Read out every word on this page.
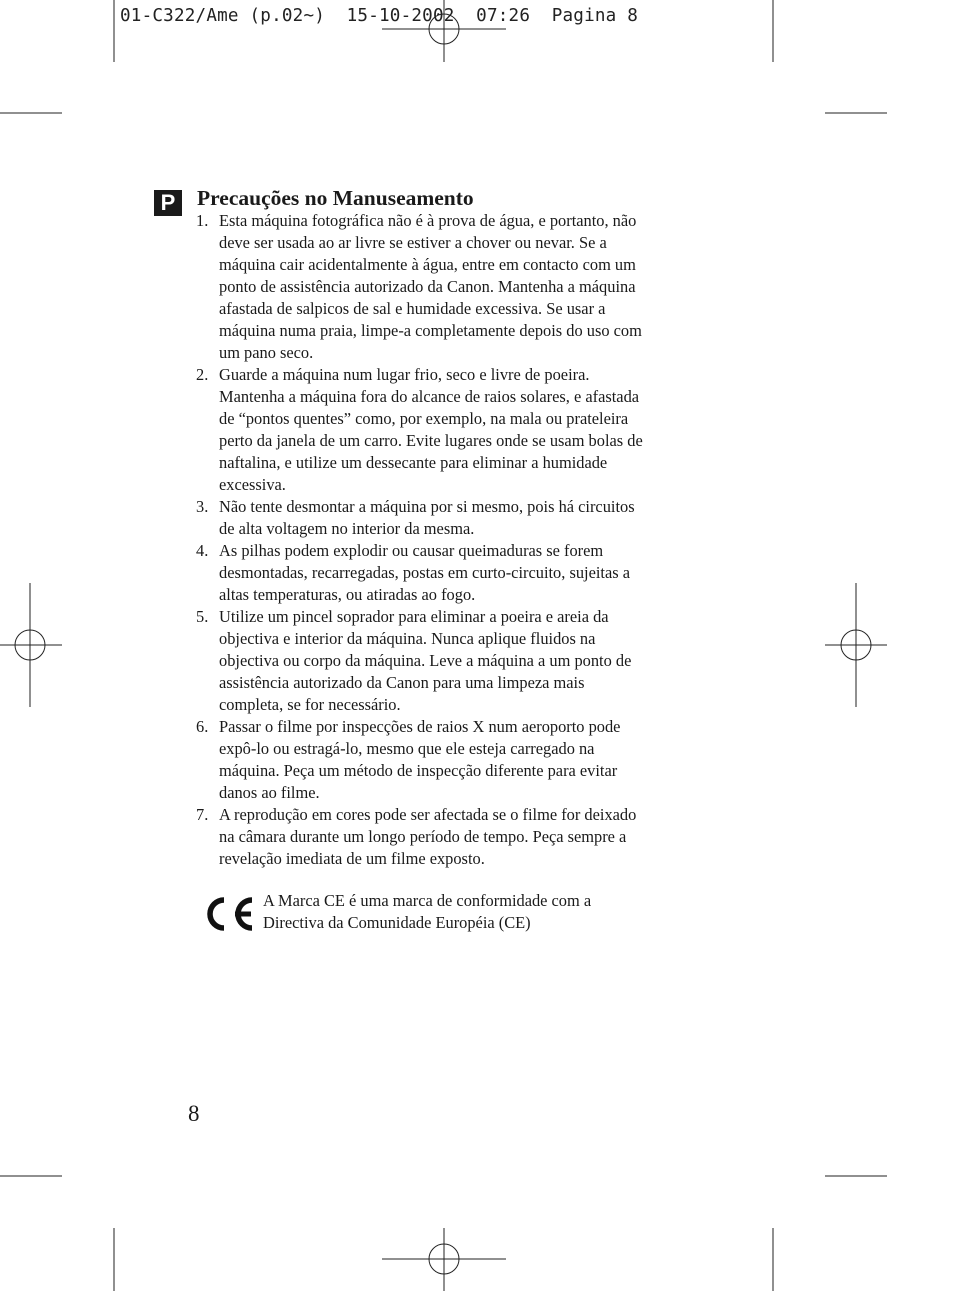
01-C322/Ame (p.02~)  15-10-2002  07:26  Pagina 8
P	Precauções no Manuseamento
1. Esta máquina fotográfica não é à prova de água, e portanto, não
deve ser usada ao ar livre se estiver a chover ou nevar. Se a
máquina cair acidentalmente à água, entre em contacto com um
ponto de assistência autorizado da Canon. Mantenha a máquina
afastada de salpicos de sal e humidade excessiva. Se usar a
máquina numa praia, limpe-a completamente depois do uso com
um pano seco.
2. Guarde a máquina num lugar frio, seco e livre de poeira.
Mantenha a máquina fora do alcance de raios solares, e afastada
de “pontos quentes” como, por exemplo, na mala ou prateleira
perto da janela de um carro. Evite lugares onde se usam bolas de
naftalina, e utilize um dessecante para eliminar a humidade
excessiva.
3. Não tente desmontar a máquina por si mesmo, pois há circuitos
de alta voltagem no interior da mesma.
4. As pilhas podem explodir ou causar queimaduras se forem
desmontadas, recarregadas, postas em curto-circuito, sujeitas a
altas temperaturas, ou atiradas ao fogo.
5. Utilize um pincel soprador para eliminar a poeira e areia da
objectiva e interior da máquina. Nunca aplique fluidos na
objectiva ou corpo da máquina. Leve a máquina a um ponto de
assistência autorizado da Canon para uma limpeza mais
completa, se for necessário.
6. Passar o filme por inspecções de raios X num aeroporto pode
expô-lo ou estragá-lo, mesmo que ele esteja carregado na
máquina. Peça um método de inspecção diferente para evitar
danos ao filme.
7. A reprodução em cores pode ser afectada se o filme for deixado
na câmara durante um longo período de tempo. Peça sempre a
revelação imediata de um filme exposto.

A Marca CE é uma marca de conformidade com a
Directiva da Comunidade Européia (CE)

8
